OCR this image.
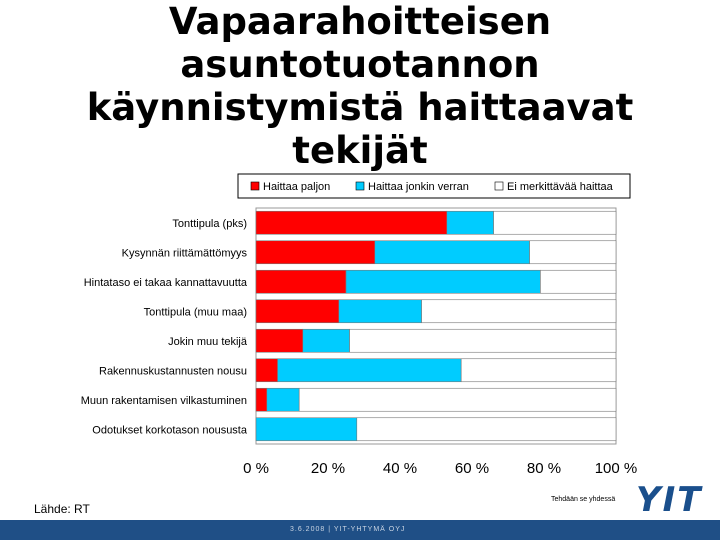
Vapaarahoitteisen
asuntotuotannon
käynnistymistä haittaavat
tekijät
Tonttipula (pks)
Kysynnän riittämättömyys
Hintataso ei takaa kannattavuutta
Tonttipula (muu maa)
Jokin muu tekijä
Rakennuskustannusten nousu
Muun rakentamisen vilkastuminen
Odotukset korkotason noususta
0 %	20 %	40 %	60 %	80 % 100 %
Haittaa paljon	Haittaa jonkin verran	Ei merkittävää haittaa
Lähde: RT
Tehdään se yhdessä YIT
3.6.2008 | YIT-YHTYMÄ OYJ
